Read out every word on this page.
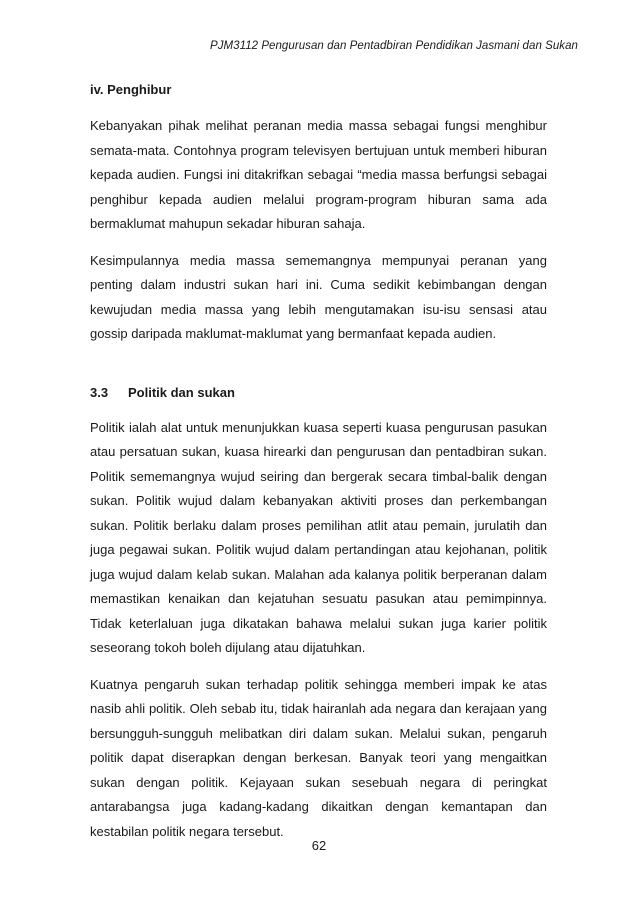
PJM3112 Pengurusan dan Pentadbiran Pendidikan Jasmani dan Sukan
iv. Penghibur

Kebanyakan pihak melihat peranan media massa sebagai fungsi menghibur semata-mata. Contohnya program televisyen bertujuan untuk memberi hiburan kepada audien. Fungsi ini ditakrifkan sebagai “media massa berfungsi sebagai penghibur kepada audien melalui program-program hiburan sama ada bermaklumat mahupun sekadar hiburan sahaja.

Kesimpulannya media massa sememangnya mempunyai peranan yang penting dalam industri sukan hari ini. Cuma sedikit kebimbangan dengan kewujudan media massa yang lebih mengutamakan isu-isu sensasi atau gossip daripada maklumat-maklumat yang bermanfaat kepada audien.

3.3 Politik dan sukan

Politik ialah alat untuk menunjukkan kuasa seperti kuasa pengurusan pasukan atau persatuan sukan, kuasa hirearki dan pengurusan dan pentadbiran sukan. Politik sememangnya wujud seiring dan bergerak secara timbal-balik dengan sukan. Politik wujud dalam kebanyakan aktiviti proses dan perkembangan sukan. Politik berlaku dalam proses pemilihan atlit atau pemain, jurulatih dan juga pegawai sukan. Politik wujud dalam pertandingan atau kejohanan, politik juga wujud dalam kelab sukan. Malahan ada kalanya politik berperanan dalam memastikan kenaikan dan kejatuhan sesuatu pasukan atau pemimpinnya. Tidak keterlaluan juga dikatakan bahawa melalui sukan juga karier politik seseorang tokoh boleh dijulang atau dijatuhkan.

Kuatnya pengaruh sukan terhadap politik sehingga memberi impak ke atas nasib ahli politik. Oleh sebab itu, tidak hairanlah ada negara dan kerajaan yang bersungguh-sungguh melibatkan diri dalam sukan. Melalui sukan, pengaruh politik dapat diserapkan dengan berkesan. Banyak teori yang mengaitkan sukan dengan politik. Kejayaan sukan sesebuah negara di peringkat antarabangsa juga kadang-kadang dikaitkan dengan kemantapan dan kestabilan politik negara tersebut.

62
